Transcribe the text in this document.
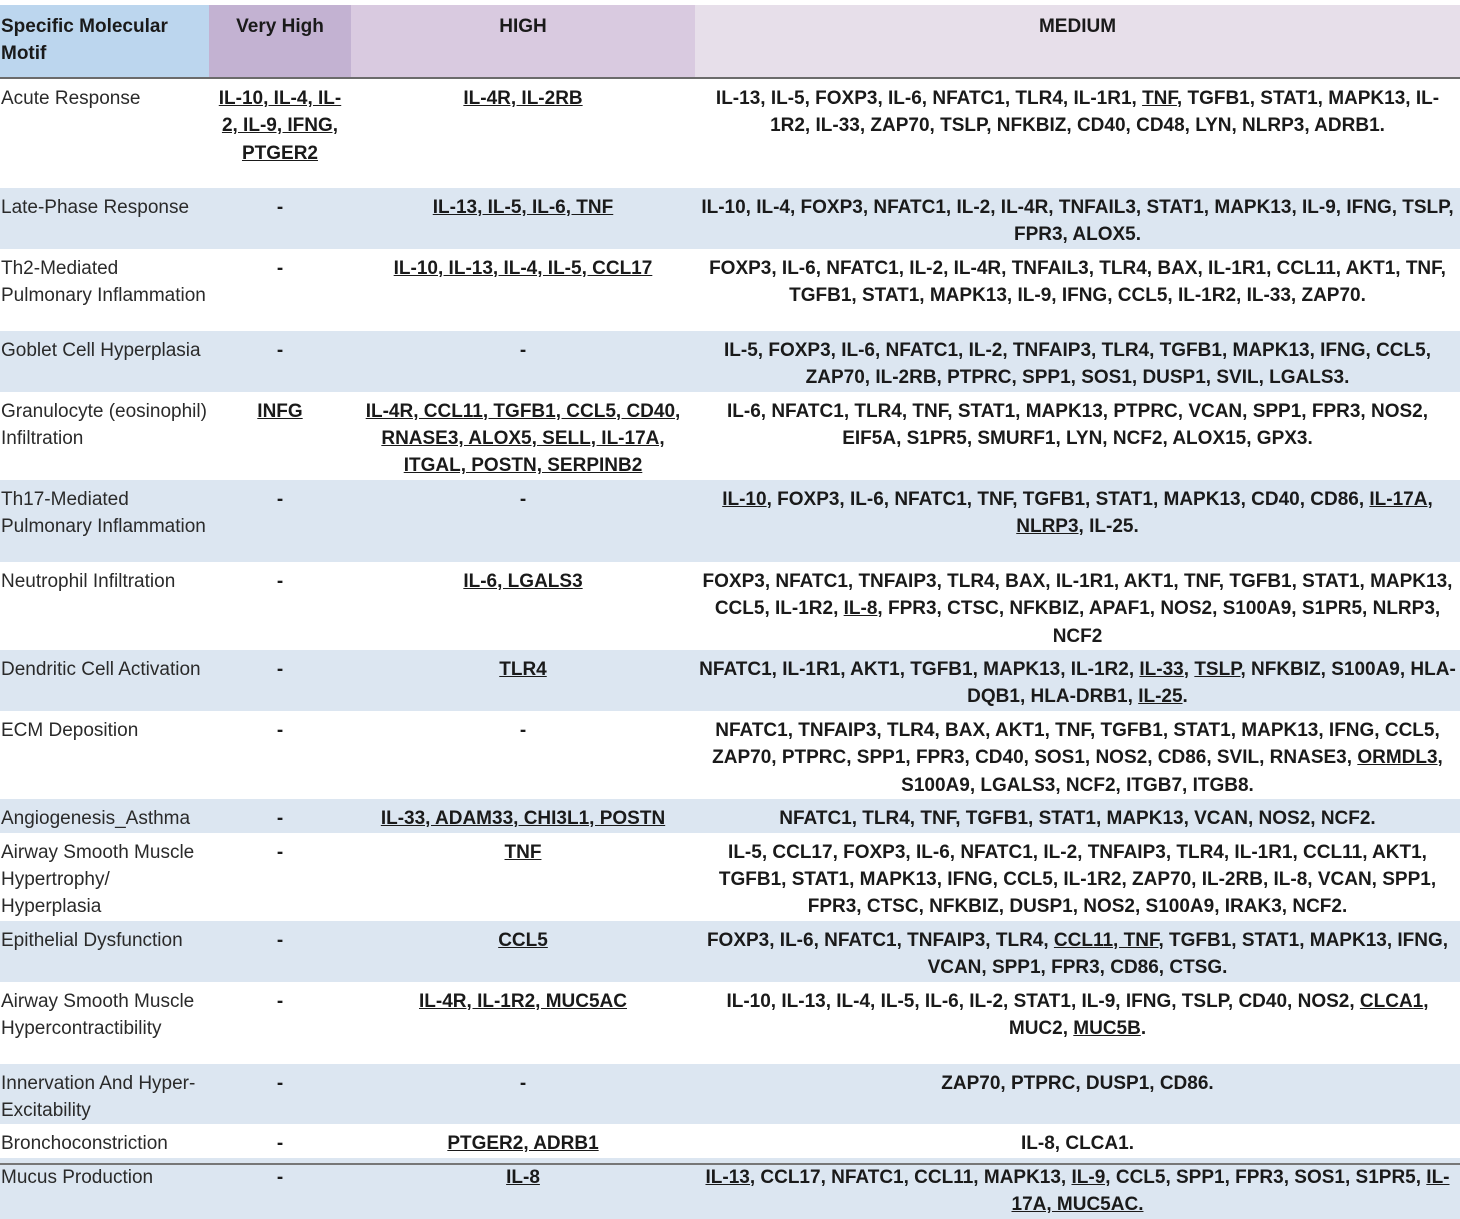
Specific Molecular Motif	Very High	HIGH	MEDIUM
Acute Response	IL-10, IL-4, IL-2, IL-9, IFNG, PTGER2	IL-4R, IL-2RB	IL-13, IL-5, FOXP3, IL-6, NFATC1, TLR4, IL-1R1, TNF, TGFB1, STAT1, MAPK13, IL-1R2, IL-33, ZAP70, TSLP, NFKBIZ, CD40, CD48, LYN, NLRP3, ADRB1.
Late-Phase Response	-	IL-13, IL-5, IL-6, TNF	IL-10, IL-4, FOXP3, NFATC1, IL-2, IL-4R, TNFAIL3, STAT1, MAPK13, IL-9, IFNG, TSLP, FPR3, ALOX5.
Th2-Mediated Pulmonary Inflammation	-	IL-10, IL-13, IL-4, IL-5, CCL17	FOXP3, IL-6, NFATC1, IL-2, IL-4R, TNFAIL3, TLR4, BAX, IL-1R1, CCL11, AKT1, TNF, TGFB1, STAT1, MAPK13, IL-9, IFNG, CCL5, IL-1R2, IL-33, ZAP70.
Goblet Cell Hyperplasia	-	-	IL-5, FOXP3, IL-6, NFATC1, IL-2, TNFAIP3, TLR4, TGFB1, MAPK13, IFNG, CCL5, ZAP70, IL-2RB, PTPRC, SPP1, SOS1, DUSP1, SVIL, LGALS3.
Granulocyte (eosinophil) Infiltration	INFG	IL-4R, CCL11, TGFB1, CCL5, CD40, RNASE3, ALOX5, SELL, IL-17A, ITGAL, POSTN, SERPINB2	IL-6, NFATC1, TLR4, TNF, STAT1, MAPK13, PTPRC, VCAN, SPP1, FPR3, NOS2, EIF5A, S1PR5, SMURF1, LYN, NCF2, ALOX15, GPX3.
Th17-Mediated Pulmonary Inflammation	-	-	IL-10, FOXP3, IL-6, NFATC1, TNF, TGFB1, STAT1, MAPK13, CD40, CD86, IL-17A, NLRP3, IL-25.
Neutrophil Infiltration	-	IL-6, LGALS3	FOXP3, NFATC1, TNFAIP3, TLR4, BAX, IL-1R1, AKT1, TNF, TGFB1, STAT1, MAPK13, CCL5, IL-1R2, IL-8, FPR3, CTSC, NFKBIZ, APAF1, NOS2, S100A9, S1PR5, NLRP3, NCF2
Dendritic Cell Activation	-	TLR4	NFATC1, IL-1R1, AKT1, TGFB1, MAPK13, IL-1R2, IL-33, TSLP, NFKBIZ, S100A9, HLA-DQB1, HLA-DRB1, IL-25.
ECM Deposition	-	-	NFATC1, TNFAIP3, TLR4, BAX, AKT1, TNF, TGFB1, STAT1, MAPK13, IFNG, CCL5, ZAP70, PTPRC, SPP1, FPR3, CD40, SOS1, NOS2, CD86, SVIL, RNASE3, ORMDL3, S100A9, LGALS3, NCF2, ITGB7, ITGB8.
Angiogenesis_Asthma	-	IL-33, ADAM33, CHI3L1, POSTN	NFATC1, TLR4, TNF, TGFB1, STAT1, MAPK13, VCAN, NOS2, NCF2.
Airway Smooth Muscle Hypertrophy/ Hyperplasia	-	TNF	IL-5, CCL17, FOXP3, IL-6, NFATC1, IL-2, TNFAIP3, TLR4, IL-1R1, CCL11, AKT1, TGFB1, STAT1, MAPK13, IFNG, CCL5, IL-1R2, ZAP70, IL-2RB, IL-8, VCAN, SPP1, FPR3, CTSC, NFKBIZ, DUSP1, NOS2, S100A9, IRAK3, NCF2.
Epithelial Dysfunction	-	CCL5	FOXP3, IL-6, NFATC1, TNFAIP3, TLR4, CCL11, TNF, TGFB1, STAT1, MAPK13, IFNG, VCAN, SPP1, FPR3, CD86, CTSG.
Airway Smooth Muscle Hypercontractibility	-	IL-4R, IL-1R2, MUC5AC	IL-10, IL-13, IL-4, IL-5, IL-6, IL-2, STAT1, IL-9, IFNG, TSLP, CD40, NOS2, CLCA1, MUC2, MUC5B.
Innervation And Hyper-Excitability	-	-	ZAP70, PTPRC, DUSP1, CD86.
Bronchoconstriction	-	PTGER2, ADRB1	IL-8, CLCA1.
Mucus Production	-	IL-8	IL-13, CCL17, NFATC1, CCL11, MAPK13, IL-9, CCL5, SPP1, FPR3, SOS1, S1PR5, IL-17A, MUC5AC.
